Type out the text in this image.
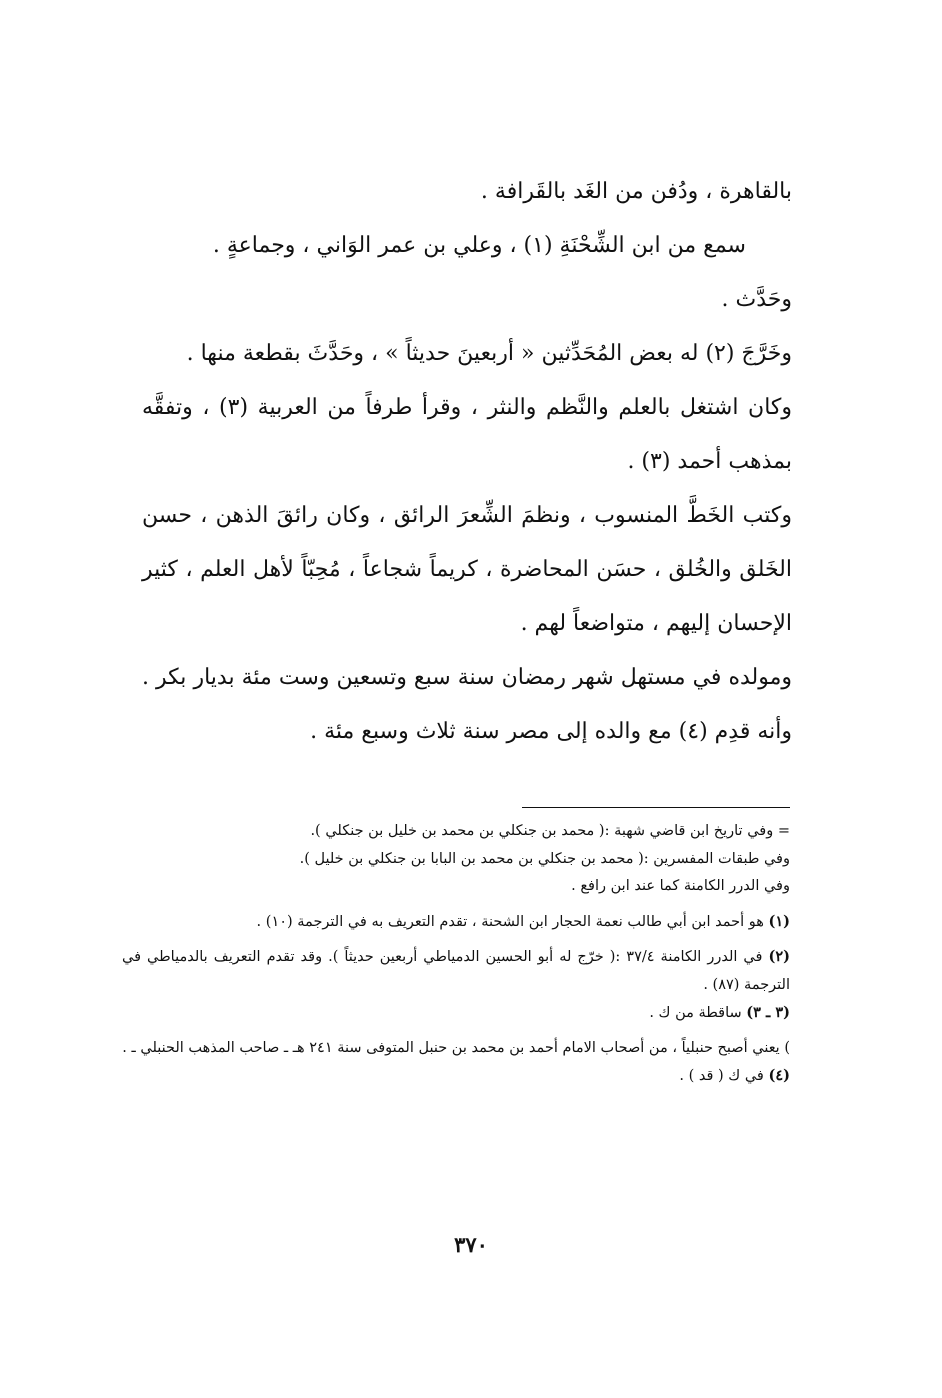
بالقاهرة ، ودُفن من الغَد بالقَرافة .

سمع من ابن الشِّحْنَةِ (١) ، وعلي بن عمر الوَاني ، وجماعةٍ .

وحَدَّث .

وخَرَّجَ (٢) له بعض المُحَدِّثين « أربعينَ حديثاً » ، وحَدَّثَ بقطعة منها .

وكان اشتغل بالعلم والنَّظم والنثر ، وقرأ طرفاً من العربية (٣) ، وتفقَّه بمذهب أحمد (٣) .

وكتب الخَطَّ المنسوب ، ونظمَ الشِّعرَ الرائق ، وكان رائقَ الذهن ، حسن الخَلق والخُلق ، حسَن المحاضرة ، كريماً شجاعاً ، مُحِبّاً لأهل العلم ، كثير الإحسان إليهم ، متواضعاً لهم .

ومولده في مستهل شهر رمضان سنة سبع وتسعين وست مئة بديار بكر . وأنه قدِم (٤) مع والده إلى مصر سنة ثلاث وسبع مئة .

= وفي تاريخ ابن قاضي شهبة :( محمد بن جنكلي بن محمد بن خليل بن جنكلي ).

وفي طبقات المفسرين :( محمد بن جنكلي بن محمد بن البابا بن جنكلي بن خليل ).

وفي الدرر الكامنة كما عند ابن رافع .

(١) هو أحمد ابن أبي طالب نعمة الحجار ابن الشحنة ، تقدم التعريف به في الترجمة (١٠) .

(٢) في الدرر الكامنة ٣٧/٤ :( خرّج له أبو الحسين الدمياطي أربعين حديثاً ). وقد تقدم التعريف بالدمياطي في الترجمة (٨٧) .

(٣ ـ ٣) ساقطة من ك .

) يعني أصبح حنبلياً ، من أصحاب الامام أحمد بن محمد بن حنبل المتوفى سنة ٢٤١ هـ ـ صاحب المذهب الحنبلي ـ .

(٤) في ك ( قد ) .

٣٧٠
